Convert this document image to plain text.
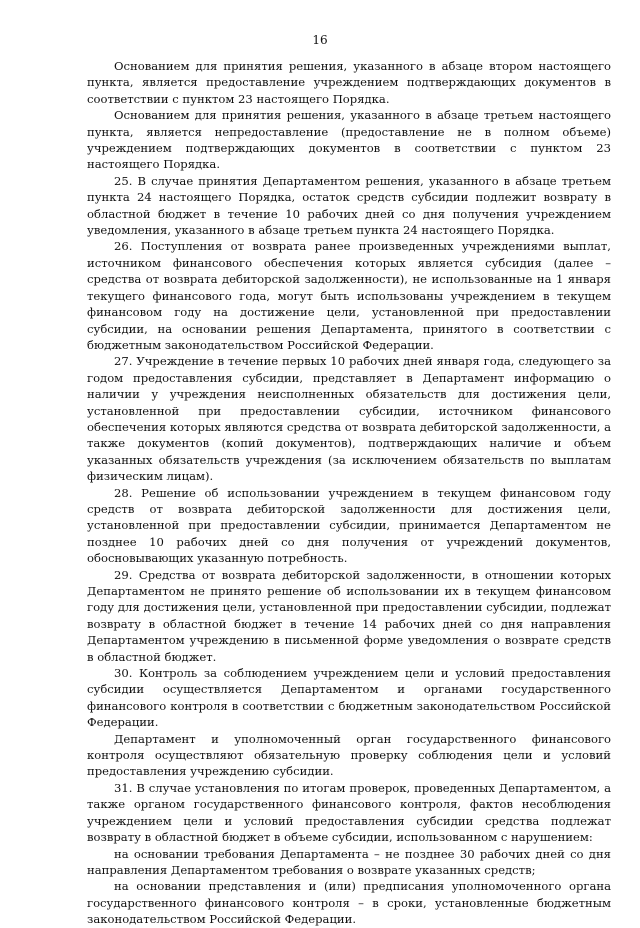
16

Основанием для принятия решения, указанного в абзаце втором настоящего пункта, является предоставление учреждением подтверждающих документов в соответствии с пунктом 23 настоящего Порядка.

Основанием для принятия решения, указанного в абзаце третьем настоящего пункта, является непредоставление (предоставление не в полном объеме) учреждением подтверждающих документов в соответствии с пунктом 23 настоящего Порядка.

25. В случае принятия Департаментом решения, указанного в абзаце третьем пункта 24 настоящего Порядка, остаток средств субсидии подлежит возврату в областной бюджет в течение 10 рабочих дней со дня получения учреждением уведомления, указанного в абзаце третьем пункта 24 настоящего Порядка.

26. Поступления от возврата ранее произведенных учреждениями выплат, источником финансового обеспечения которых является субсидия (далее – средства от возврата дебиторской задолженности), не использованные на 1 января текущего финансового года, могут быть использованы учреждением в текущем финансовом году на достижение цели, установленной при предоставлении субсидии, на основании решения Департамента, принятого в соответствии с бюджетным законодательством Российской Федерации.

27. Учреждение в течение первых 10 рабочих дней января года, следующего за годом предоставления субсидии, представляет в Департамент информацию о наличии у учреждения неисполненных обязательств для достижения цели, установленной при предоставлении субсидии, источником финансового обеспечения которых являются средства от возврата дебиторской задолженности, а также документов (копий документов), подтверждающих наличие и объем указанных обязательств учреждения (за исключением обязательств по выплатам физическим лицам).

28. Решение об использовании учреждением в текущем финансовом году средств от возврата дебиторской задолженности для достижения цели, установленной при предоставлении субсидии, принимается Департаментом не позднее 10 рабочих дней со дня получения от учреждений документов, обосновывающих указанную потребность.

29. Средства от возврата дебиторской задолженности, в отношении которых Департаментом не принято решение об использовании их в текущем финансовом году для достижения цели, установленной при предоставлении субсидии, подлежат возврату в областной бюджет в течение 14 рабочих дней со дня направления Департаментом учреждению в письменной форме уведомления о возврате средств в областной бюджет.

30. Контроль за соблюдением учреждением цели и условий предоставления субсидии осуществляется Департаментом и органами государственного финансового контроля в соответствии с бюджетным законодательством Российской Федерации.

Департамент и уполномоченный орган государственного финансового контроля осуществляют обязательную проверку соблюдения цели и условий предоставления учреждению субсидии.

31. В случае установления по итогам проверок, проведенных Департаментом, а также органом государственного финансового контроля, фактов несоблюдения учреждением цели и условий предоставления субсидии средства подлежат возврату в областной бюджет в объеме субсидии, использованном с нарушением:

на основании требования Департамента – не позднее 30 рабочих дней со дня направления Департаментом требования о возврате указанных средств;

на основании представления и (или) предписания уполномоченного органа государственного финансового контроля – в сроки, установленные бюджетным законодательством Российской Федерации.
